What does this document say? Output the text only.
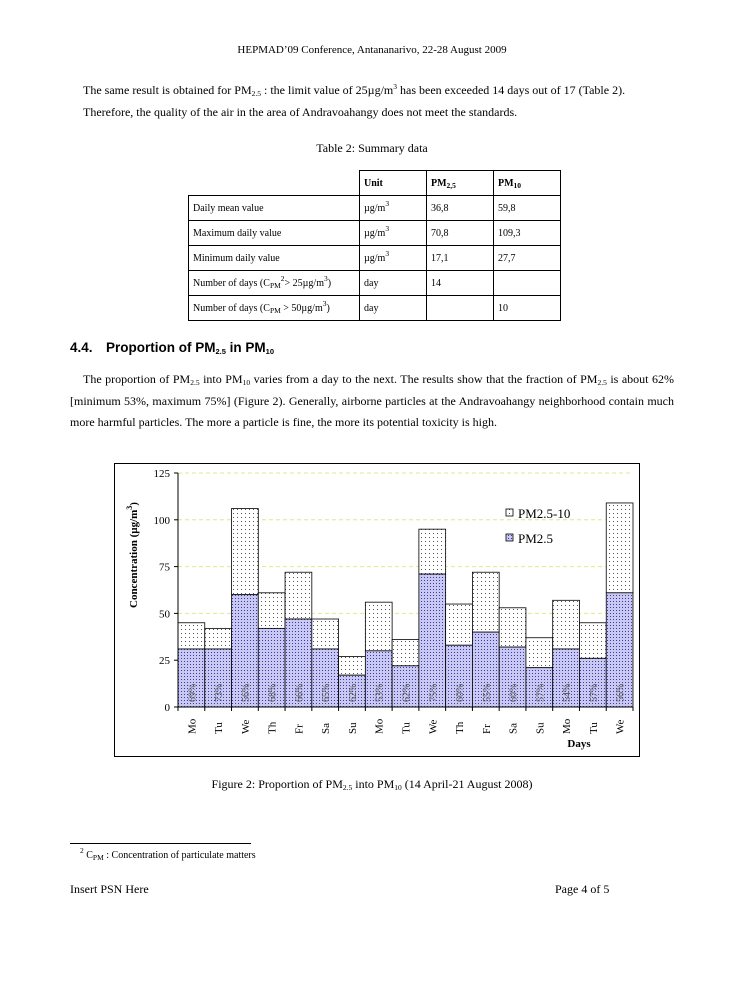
HEPMAD’09 Conference, Antananarivo, 22-28 August 2009
The same result is obtained for $PM_{2.5}$ : the limit value of $25\mu g/m^3$ has been exceeded 14 days out of 17 (Table 2).
Therefore, the quality of the air in the area of Andravoahangy does not meet the standards.
Table 2: Summary data
	Unit	$PM_{2,5}$	$PM_{10}$
Daily mean value	$\mu g/m^3$	36,8	59,8
Maximum daily value	$\mu g/m^3$	70,8	109,3
Minimum daily value	$\mu g/m^3$	17,1	27,7
Number of days $(C_{PM}^2> 25\mu g/m^3)$	day	14	
Number of days $(C_{PM} > 50\mu g/m^3)$	day		10
4.4. Proportion of $PM_{2.5}$ in $PM_{10}$
The proportion of $PM_{2.5}$ into $PM_{10}$ varies from a day to the next. The results show that the fraction of $PM_{2.5}$ is about 62% [minimum 53%, maximum 75%] (Figure 2). Generally, airborne particles at the Andravoahangy neighborhood contain much more harmful particles. The more a particle is fine, the more its potential toxicity is high.
69%
Mo
73%
Tu
56%
We
68%
Th
66%
Fr
65%
Sa
62%
Su
53%
Mo
62%
Tu
75%
We
60%
Th
55%
Fr
60%
Sa
57%
Su
54%
Mo
57%
Tu
56%
We
0
25
50
75
100
125
Concentration $(\mu g/m^3)$
Days
PM2.5-10
PM2.5
Figure 2: Proportion of $PM_{2.5}$ into $PM_{10}$ (14 April-21 August 2008)
$^2$ $C_{PM}$ : Concentration of particulate matters
Insert PSN Here	Page 4 of 5
